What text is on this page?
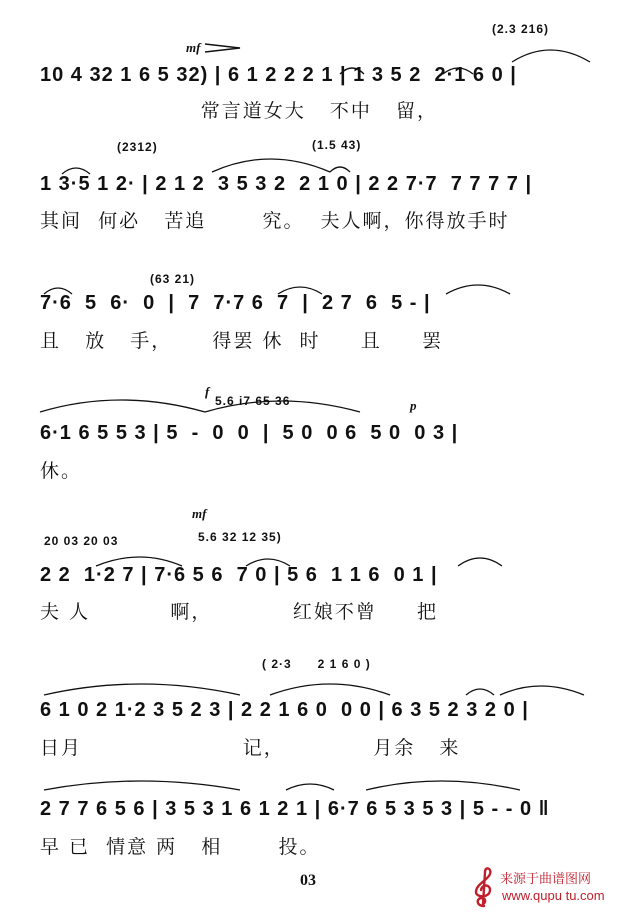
mf
(2.3 216)
10 4 32 1 6 5 32) | 6 1 2 2 2 1 | 1 3 5 2  2·1 6 0 |
常言道女大   不中   留，
(2312)	(1.5 43)
1 3·5 1 2· | 2 1 2  3 5 3 2  2 1 0 | 2 2 7·7  7 7 7 7 |
其间  何必   苦追       究。  夫人啊，你得放手时
(63 21)
7·6  5  6·  0  |  7  7·7 6  7  |  2 7  6  5 - |
且   放   手，     得罢 休  时     且     罢
f
5.6 i7 65 36	p
6·1 6 5 5 3 | 5  -  0  0  |  5 0  0 6  5 0  0 3 |
休。
mf
5.6 32 12 35)
20 03 20 03
2 2  1·2 7 | 7·6 5 6  7 0 | 5 6  1 1 6  0 1 |
夫 人          啊，          红娘不曾     把
( 2·3      2 1 6 0 )
6 1 0 2 1·2 3 5 2 3 | 2 2 1 6 0  0 0 | 6 3 5 2 3 2 0 |
日月                    记，           月余   来
2 7 7 6 5 6 | 3 5 3 1 6 1 2 1 | 6·7 6 5 3 5 3 | 5 - - 0 ‖
早 已  情意 两   相       投。
03	来源于曲谱图网
www.qupu tu.com
